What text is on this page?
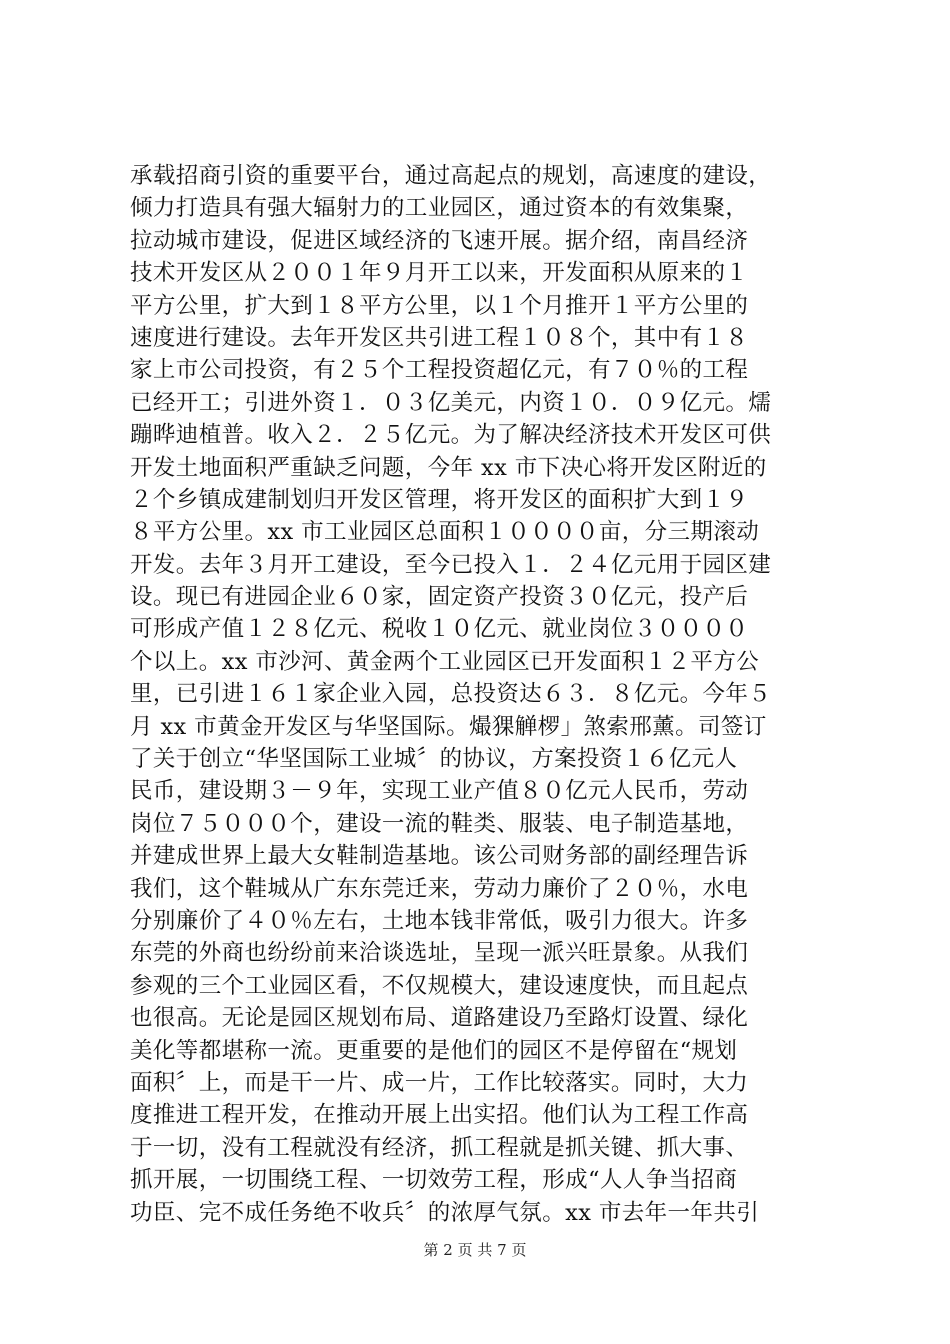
承载招商引资的重要平台，通过高起点的规划，高速度的建设，
倾力打造具有强大辐射力的工业园区，通过资本的有效集聚，
拉动城市建设，促进区域经济的飞速开展。据介绍，南昌经济
技术开发区从２００１年９月开工以来，开发面积从原来的１
平方公里，扩大到１８平方公里，以１个月推开１平方公里的
速度进行建设。去年开发区共引进工程１０８个，其中有１８
家上市公司投资，有２５个工程投资超亿元，有７０％的工程
已经开工；引进外资１．０３亿美元，内资１０．０９亿元。燸
蹦晔迪植普。收入２．２５亿元。为了解决经济技术开发区可供
开发土地面积严重缺乏问题，今年 xx 市下决心将开发区附近的
２个乡镇成建制划归开发区管理，将开发区的面积扩大到１９
８平方公里。xx 市工业园区总面积１００００亩，分三期滚动
开发。去年３月开工建设，至今已投入１．２４亿元用于园区建
设。现已有进园企业６０家，固定资产投资３０亿元，投产后
可形成产值１２８亿元、税收１０亿元、就业岗位３００００
个以上。xx 市沙河、黄金两个工业园区已开发面积１２平方公
里，已引进１６１家企业入园，总投资达６３．８亿元。今年５
月 xx 市黄金开发区与华坚国际。熶猓觯椤」煞索邢薰。司签订
了关于创立“华坚国际工业城〞的协议，方案投资１６亿元人
民币，建设期３－９年，实现工业产值８０亿元人民币，劳动
岗位７５０００个，建设一流的鞋类、服装、电子制造基地，
并建成世界上最大女鞋制造基地。该公司财务部的副经理告诉
我们，这个鞋城从广东东莞迁来，劳动力廉价了２０％，水电
分别廉价了４０％左右，土地本钱非常低，吸引力很大。许多
东莞的外商也纷纷前来洽谈选址，呈现一派兴旺景象。从我们
参观的三个工业园区看，不仅规模大，建设速度快，而且起点
也很高。无论是园区规划布局、道路建设乃至路灯设置、绿化
美化等都堪称一流。更重要的是他们的园区不是停留在“规划
面积〞上，而是干一片、成一片，工作比较落实。同时，大力
度推进工程开发，在推动开展上出实招。他们认为工程工作高
于一切，没有工程就没有经济，抓工程就是抓关键、抓大事、
抓开展，一切围绕工程、一切效劳工程，形成“人人争当招商
功臣、完不成任务绝不收兵〞的浓厚气氛。xx 市去年一年共引
第 2 页 共 7 页
